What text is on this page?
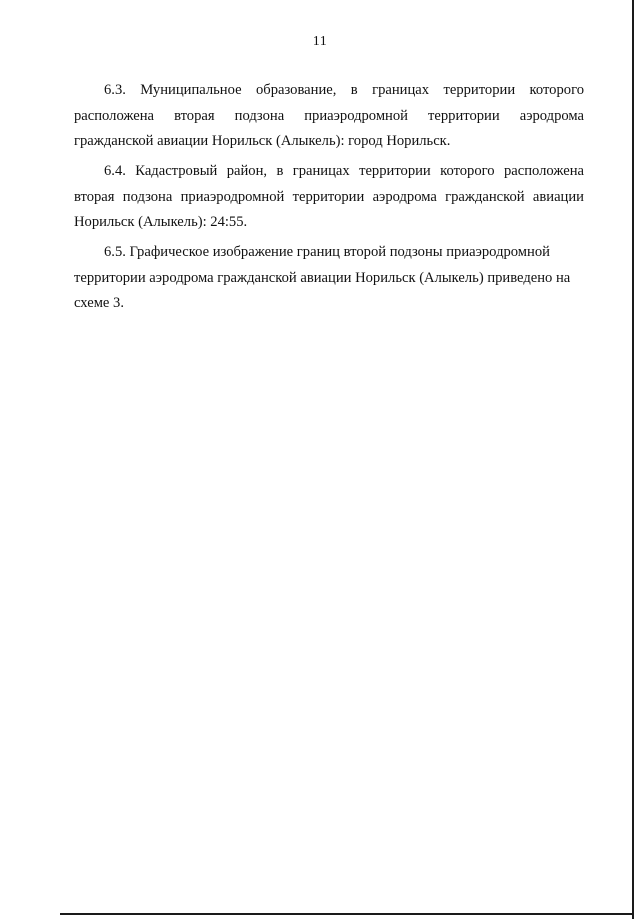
11

6.3. Муниципальное образование, в границах территории которого расположена вторая подзона приаэродромной территории аэродрома гражданской авиации Норильск (Алыкель): город Норильск.

6.4. Кадастровый район, в границах территории которого расположена вторая подзона приаэродромной территории аэродрома гражданской авиации Норильск (Алыкель): 24:55.

6.5. Графическое изображение границ второй подзоны приаэродромной территории аэродрома гражданской авиации Норильск (Алыкель) приведено на схеме 3.
